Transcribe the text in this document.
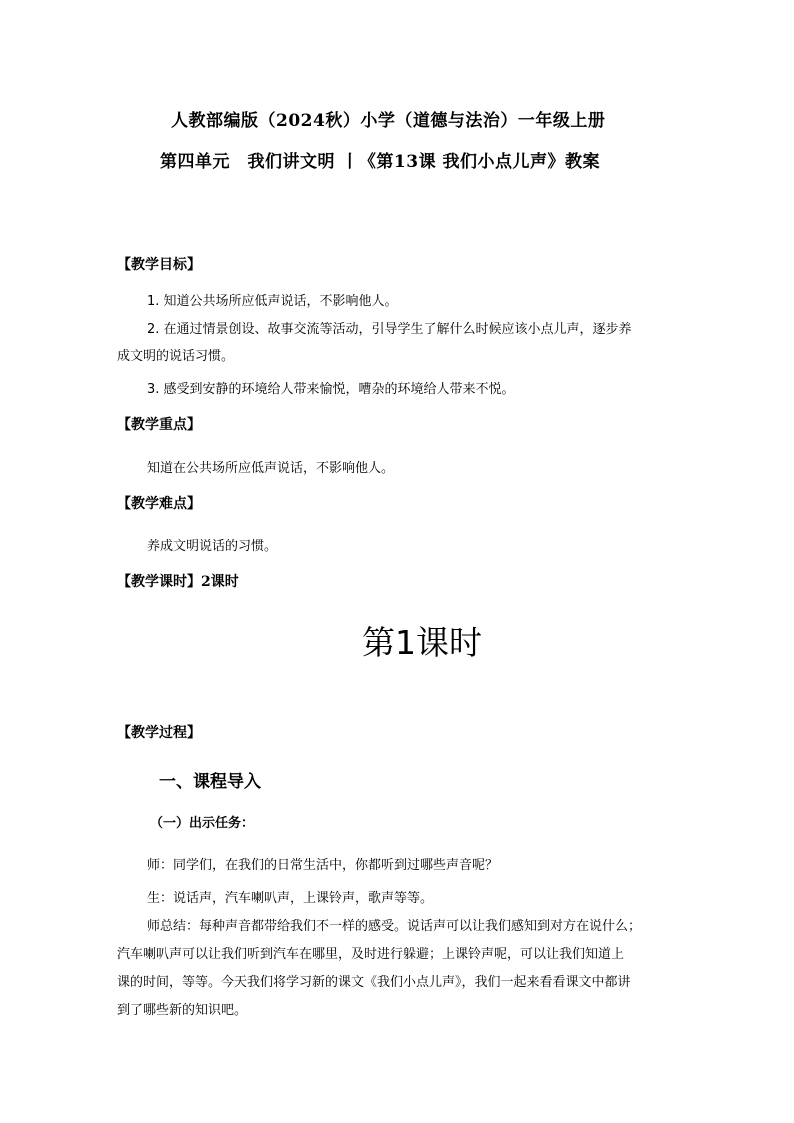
人教部编版（2024秋）小学（道德与法治）一年级上册
第四单元　我们讲文明 丨《第13课 我们小点儿声》教案
【教学目标】
1. 知道公共场所应低声说话，不影响他人。
2. 在通过情景创设、故事交流等活动，引导学生了解什么时候应该小点儿声，逐步养
成文明的说话习惯。
3. 感受到安静的环境给人带来愉悦，嘈杂的环境给人带来不悦。
【教学重点】
知道在公共场所应低声说话，不影响他人。
【教学难点】
养成文明说话的习惯。
【教学课时】2课时
第1课时
【教学过程】
一、课程导入
（一）出示任务：
师：同学们，在我们的日常生活中，你都听到过哪些声音呢？
生：说话声，汽车喇叭声，上课铃声，歌声等等。
师总结：每种声音都带给我们不一样的感受。说话声可以让我们感知到对方在说什么；
汽车喇叭声可以让我们听到汽车在哪里，及时进行躲避；上课铃声呢，可以让我们知道上
课的时间，等等。今天我们将学习新的课文《我们小点儿声》，我们一起来看看课文中都讲
到了哪些新的知识吧。
